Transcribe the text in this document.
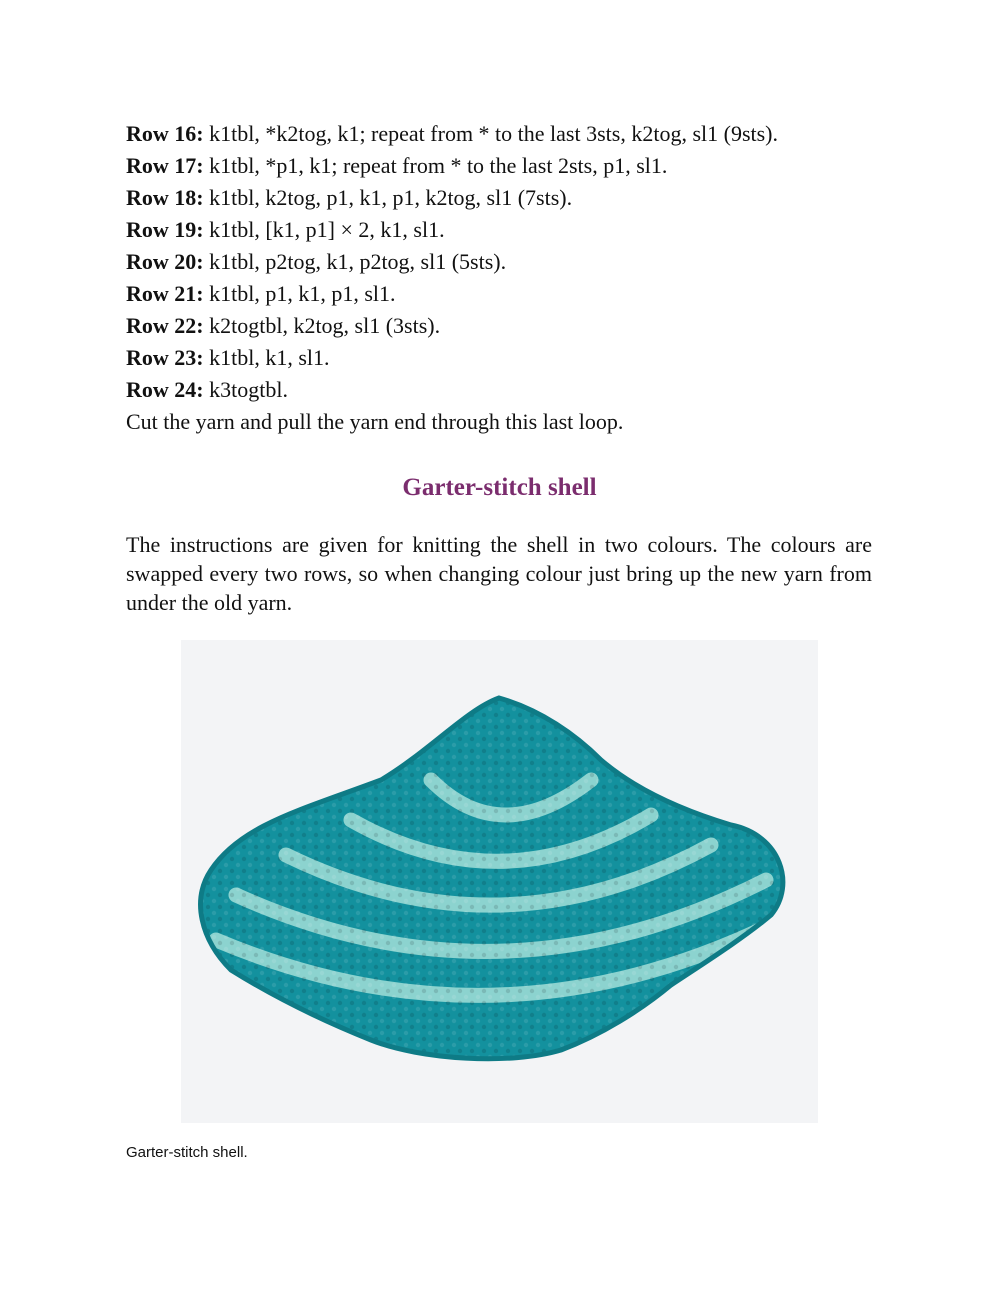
Row 16: k1tbl, *k2tog, k1; repeat from * to the last 3sts, k2tog, sl1 (9sts).
Row 17: k1tbl, *p1, k1; repeat from * to the last 2sts, p1, sl1.
Row 18: k1tbl, k2tog, p1, k1, p1, k2tog, sl1 (7sts).
Row 19: k1tbl, [k1, p1] × 2, k1, sl1.
Row 20: k1tbl, p2tog, k1, p2tog, sl1 (5sts).
Row 21: k1tbl, p1, k1, p1, sl1.
Row 22: k2togtbl, k2tog, sl1 (3sts).
Row 23: k1tbl, k1, sl1.
Row 24: k3togtbl.
Cut the yarn and pull the yarn end through this last loop.
Garter-stitch shell
The instructions are given for knitting the shell in two colours. The colours are swapped every two rows, so when changing colour just bring up the new yarn from under the old yarn.
Garter-stitch shell.
